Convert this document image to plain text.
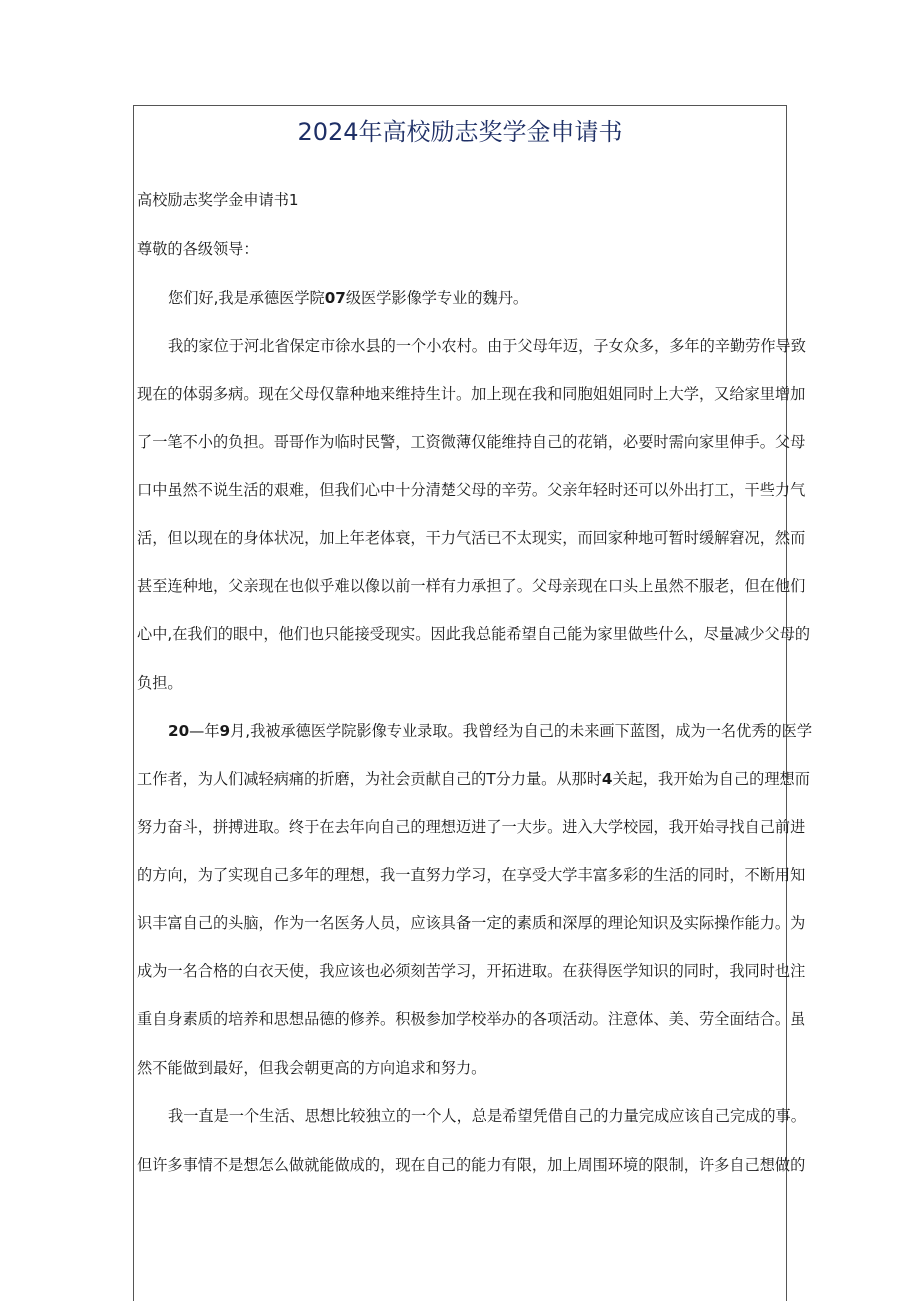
2024年高校励志奖学金申请书
高校励志奖学金申请书1
尊敬的各级领导：
您们好,我是承德医学院07级医学影像学专业的魏丹。
我的家位于河北省保定市徐水县的一个小农村。由于父母年迈，子女众多，多年的辛勤劳作导致
现在的体弱多病。现在父母仅靠种地来维持生计。加上现在我和同胞姐姐同时上大学，又给家里增加
了一笔不小的负担。哥哥作为临时民警，工资微薄仅能维持自己的花销，必要时需向家里伸手。父母
口中虽然不说生活的艰难，但我们心中十分清楚父母的辛劳。父亲年轻时还可以外出打工，干些力气
活，但以现在的身体状况，加上年老体衰，干力气活已不太现实，而回家种地可暂时缓解窘况，然而
甚至连种地，父亲现在也似乎难以像以前一样有力承担了。父母亲现在口头上虽然不服老，但在他们
心中,在我们的眼中，他们也只能接受现实。因此我总能希望自己能为家里做些什么，尽量减少父母的
负担。
20—年9月,我被承德医学院影像专业录取。我曾经为自己的未来画下蓝图，成为一名优秀的医学
工作者，为人们减轻病痛的折磨，为社会贡献自己的T分力量。从那时4关起，我开始为自己的理想而
努力奋斗，拼搏进取。终于在去年向自己的理想迈进了一大步。进入大学校园，我开始寻找自己前进
的方向，为了实现自己多年的理想，我一直努力学习，在享受大学丰富多彩的生活的同时，不断用知
识丰富自己的头脑，作为一名医务人员，应该具备一定的素质和深厚的理论知识及实际操作能力。为
成为一名合格的白衣天使，我应该也必须刻苦学习，开拓进取。在获得医学知识的同时，我同时也注
重自身素质的培养和思想品德的修养。积极参加学校举办的各项活动。注意体、美、劳全面结合。虽
然不能做到最好，但我会朝更高的方向追求和努力。
我一直是一个生活、思想比较独立的一个人，总是希望凭借自己的力量完成应该自己完成的事。
但许多事情不是想怎么做就能做成的，现在自己的能力有限，加上周围环境的限制，许多自己想做的
